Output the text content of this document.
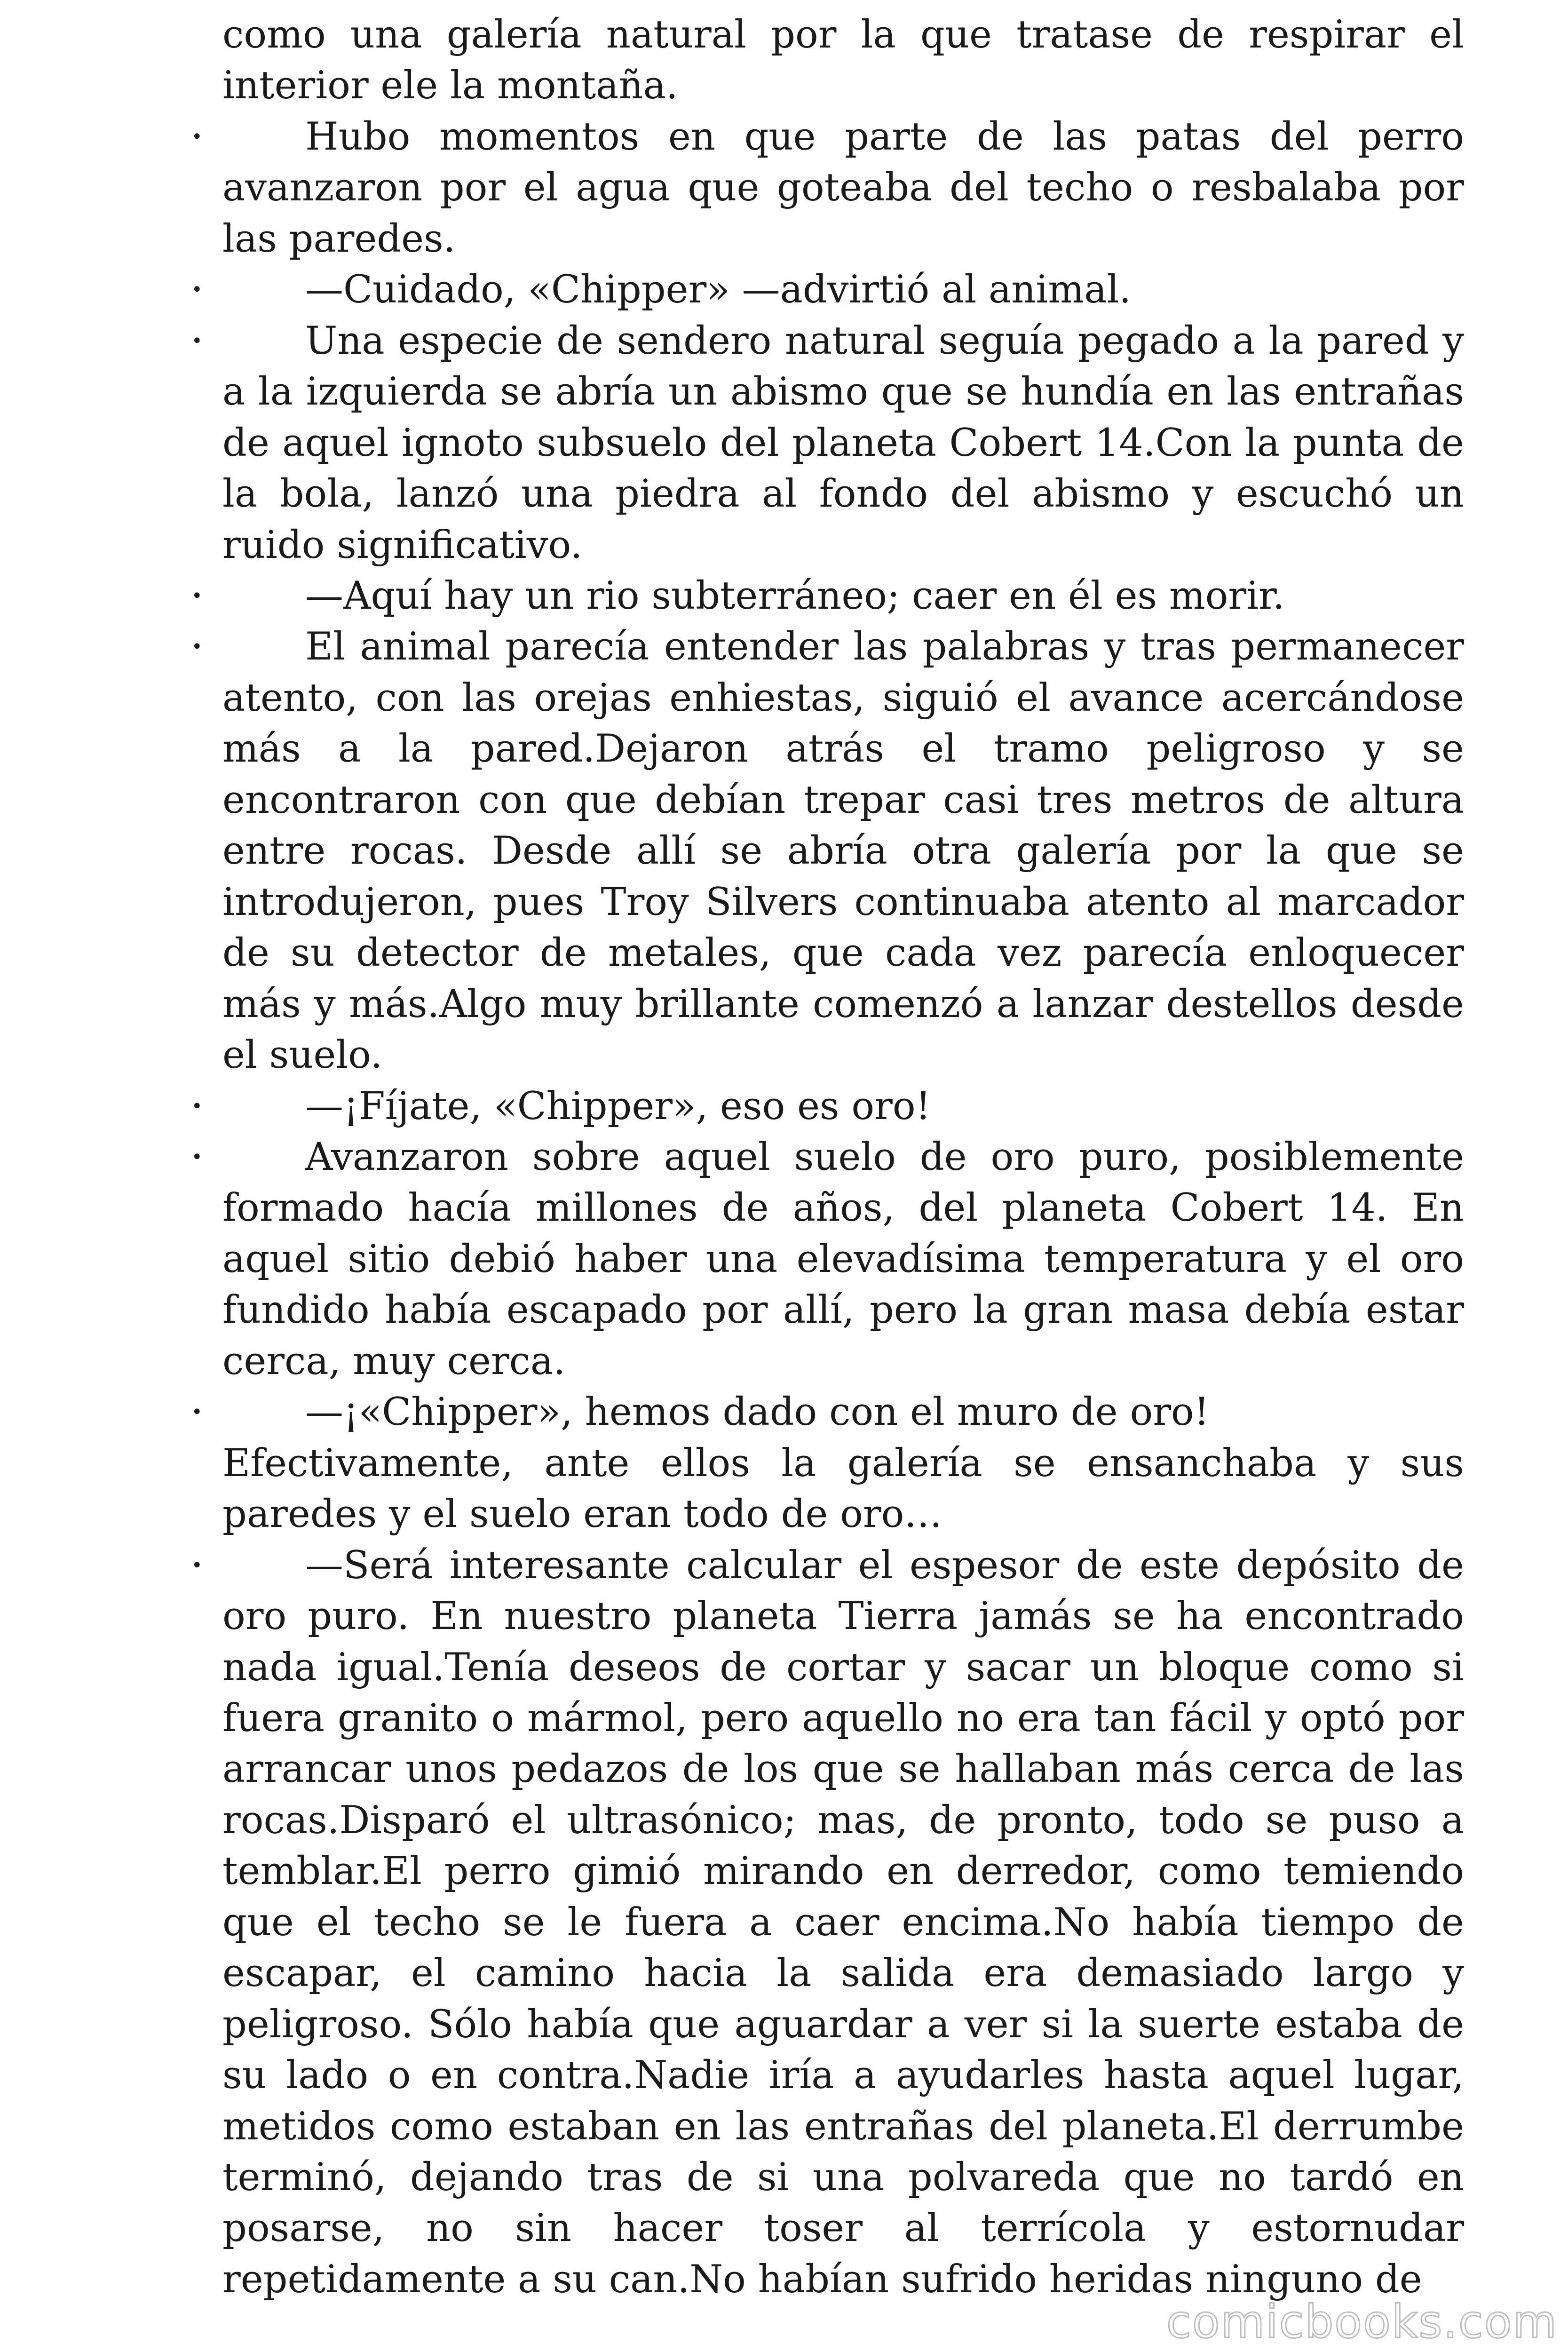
como una galería natural por la que tratase de respirar el interior ele la montaña.

•	Hubo momentos en que parte de las patas del perro avanzaron por el agua que goteaba del techo o resbalaba por las paredes.

•	—Cuidado, «Chipper» —advirtió al animal.

•	Una especie de sendero natural seguía pegado a la pared y a la izquierda se abría un abismo que se hundía en las entrañas de aquel ignoto subsuelo del planeta Cobert 14.Con la punta de la bola, lanzó una piedra al fondo del abismo y escuchó un ruido significativo.

•	—Aquí hay un rio subterráneo; caer en él es morir.

•	El animal parecía entender las palabras y tras permanecer atento, con las orejas enhiestas, siguió el avance acercándose más a la pared.Dejaron atrás el tramo peligroso y se encontraron con que debían trepar casi tres metros de altura entre rocas. Desde allí se abría otra galería por la que se introdujeron, pues Troy Silvers continuaba atento al marcador de su detector de metales, que cada vez parecía enloquecer más y más.Algo muy brillante comenzó a lanzar destellos desde el suelo.

•	—¡Fíjate, «Chipper», eso es oro!

•	Avanzaron sobre aquel suelo de oro puro, posiblemente formado hacía millones de años, del planeta Cobert 14. En aquel sitio debió haber una elevadísima temperatura y el oro fundido había escapado por allí, pero la gran masa debía estar cerca, muy cerca.

•	—¡«Chipper», hemos dado con el muro de oro!

Efectivamente, ante ellos la galería se ensanchaba y sus paredes y el suelo eran todo de oro…

•	—Será interesante calcular el espesor de este depósito de oro puro. En nuestro planeta Tierra jamás se ha encontrado nada igual.Tenía deseos de cortar y sacar un bloque como si fuera granito o mármol, pero aquello no era tan fácil y optó por arrancar unos pedazos de los que se hallaban más cerca de las rocas.Disparó el ultrasónico; mas, de pronto, todo se puso a temblar.El perro gimió mirando en derredor, como temiendo que el techo se le fuera a caer encima.No había tiempo de escapar, el camino hacia la salida era demasiado largo y peligroso. Sólo había que aguardar a ver si la suerte estaba de su lado o en contra.Nadie iría a ayudarles hasta aquel lugar, metidos como estaban en las entrañas del planeta.El derrumbe terminó, dejando tras de si una polvareda que no tardó en posarse, no sin hacer toser al terrícola y estornudar repetidamente a su can.No habían sufrido heridas ninguno de

comicbooks.com
